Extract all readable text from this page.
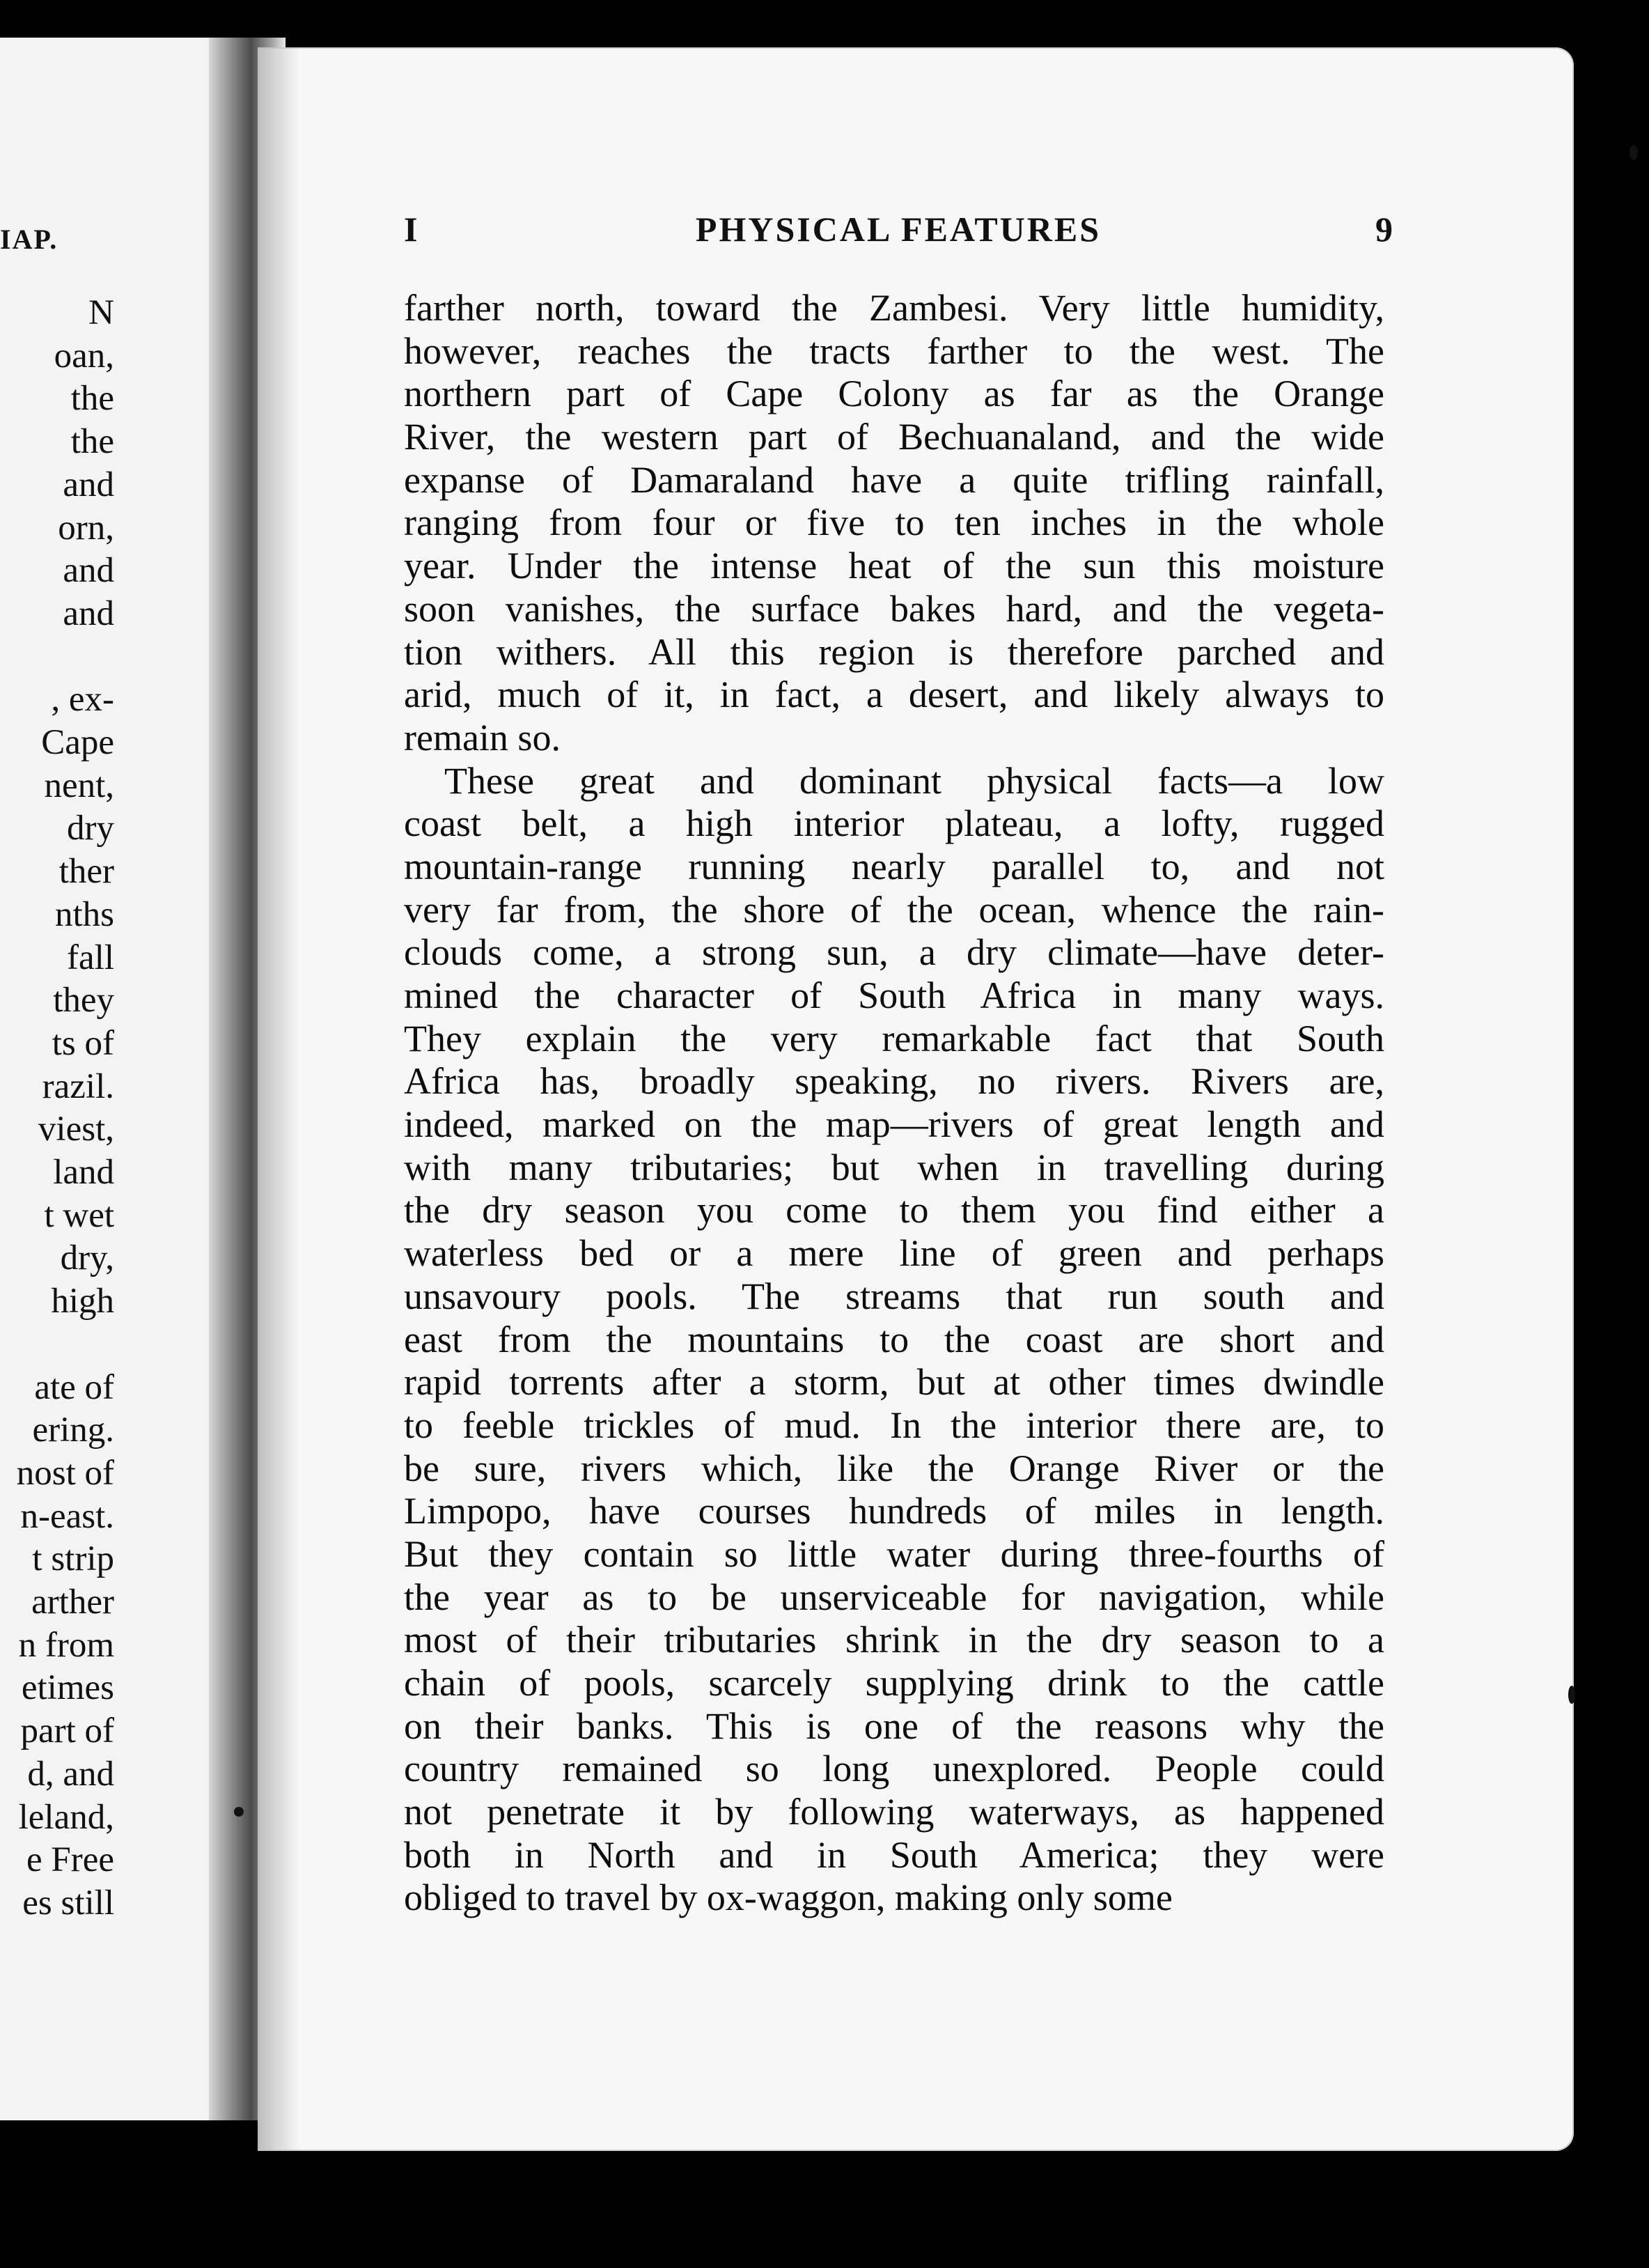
IAP.
N
oan,
the
the
and
orn,
and
and
, ex-
Cape
nent,
dry
ther
nths
fall
they
ts of
razil.
viest,
land
t wet
dry,
high
ate of
ering.
nost of
n-east.
t strip
arther
n from
etimes
part of
d, and
leland,
e Free
es still
I	PHYSICAL FEATURES	9
farther north, toward the Zambesi. Very little humidity,
however, reaches the tracts farther to the west. The
northern part of Cape Colony as far as the Orange
River, the western part of Bechuanaland, and the wide
expanse of Damaraland have a quite trifling rainfall,
ranging from four or five to ten inches in the whole
year. Under the intense heat of the sun this moisture
soon vanishes, the surface bakes hard, and the vegeta-
tion withers. All this region is therefore parched and
arid, much of it, in fact, a desert, and likely always to
remain so.
These great and dominant physical facts—a low
coast belt, a high interior plateau, a lofty, rugged
mountain-range running nearly parallel to, and not
very far from, the shore of the ocean, whence the rain-
clouds come, a strong sun, a dry climate—have deter-
mined the character of South Africa in many ways.
They explain the very remarkable fact that South
Africa has, broadly speaking, no rivers. Rivers are,
indeed, marked on the map—rivers of great length and
with many tributaries; but when in travelling during
the dry season you come to them you find either a
waterless bed or a mere line of green and perhaps
unsavoury pools. The streams that run south and
east from the mountains to the coast are short and
rapid torrents after a storm, but at other times dwindle
to feeble trickles of mud. In the interior there are, to
be sure, rivers which, like the Orange River or the
Limpopo, have courses hundreds of miles in length.
But they contain so little water during three-fourths of
the year as to be unserviceable for navigation, while
most of their tributaries shrink in the dry season to a
chain of pools, scarcely supplying drink to the cattle
on their banks. This is one of the reasons why the
country remained so long unexplored. People could
not penetrate it by following waterways, as happened
both in North and in South America; they were
obliged to travel by ox-waggon, making only some
